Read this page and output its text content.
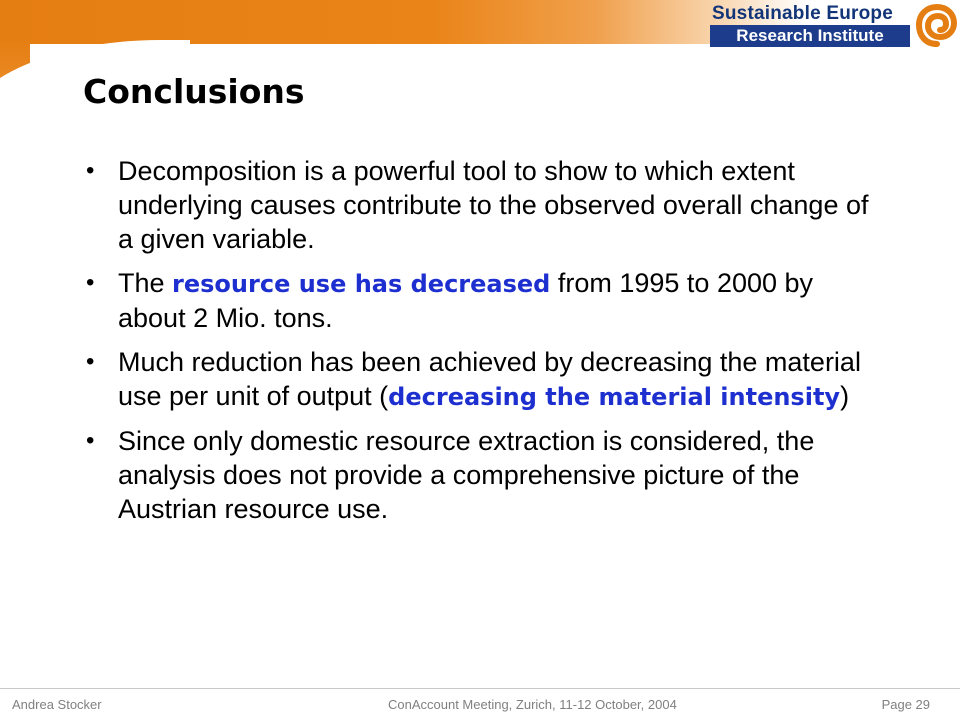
Sustainable Europe
Research Institute
Conclusions
• Decomposition is a powerful tool to show to which extent underlying causes contribute to the observed overall change of a given variable.
• The resource use has decreased from 1995 to 2000 by about 2 Mio. tons.
• Much reduction has been achieved by decreasing the material use per unit of output (decreasing the material intensity)
• Since only domestic resource extraction is considered, the analysis does not provide a comprehensive picture of the Austrian resource use.
Andrea Stocker	ConAccount Meeting, Zurich, 11-12 October, 2004	Page 29
